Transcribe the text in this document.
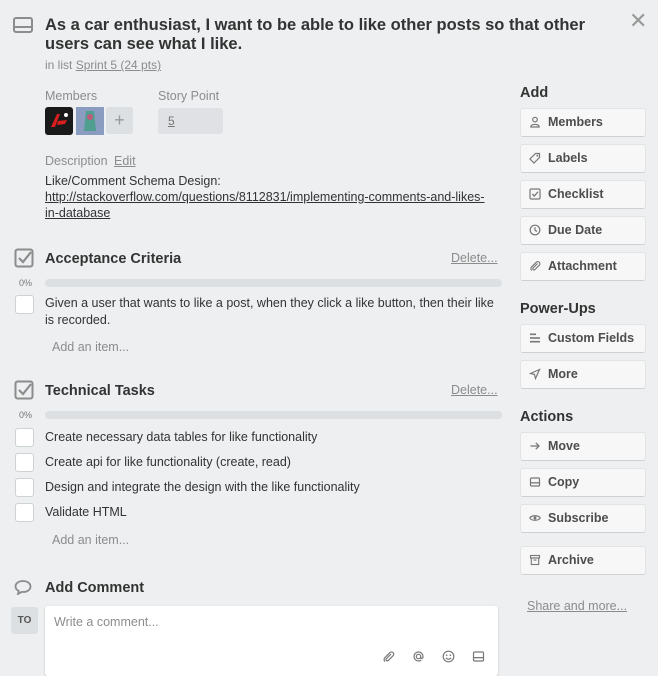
As a car enthusiast, I want to be able to like other posts so that other users can see what I like.
✕
in list Sprint 5 (24 pts)
Members
+
Story Point
5
Description Edit
Like/Comment Schema Design:
http://stackoverflow.com/questions/8112831/implementing-comments-and-likes-in-database
Acceptance Criteria	Delete...
0%
Given a user that wants to like a post, when they click a like button, then their like is recorded.
Add an item...
Technical Tasks	Delete...
0%
Create necessary data tables for like functionality
Create api for like functionality (create, read)
Design and integrate the design with the like functionality
Validate HTML
Add an item...
Add Comment
TO
Write a comment...
Add
Members
Labels
Checklist
Due Date
Attachment
Power-Ups
Custom Fields
More
Actions
Move
Copy
Subscribe
Archive
Share and more...
